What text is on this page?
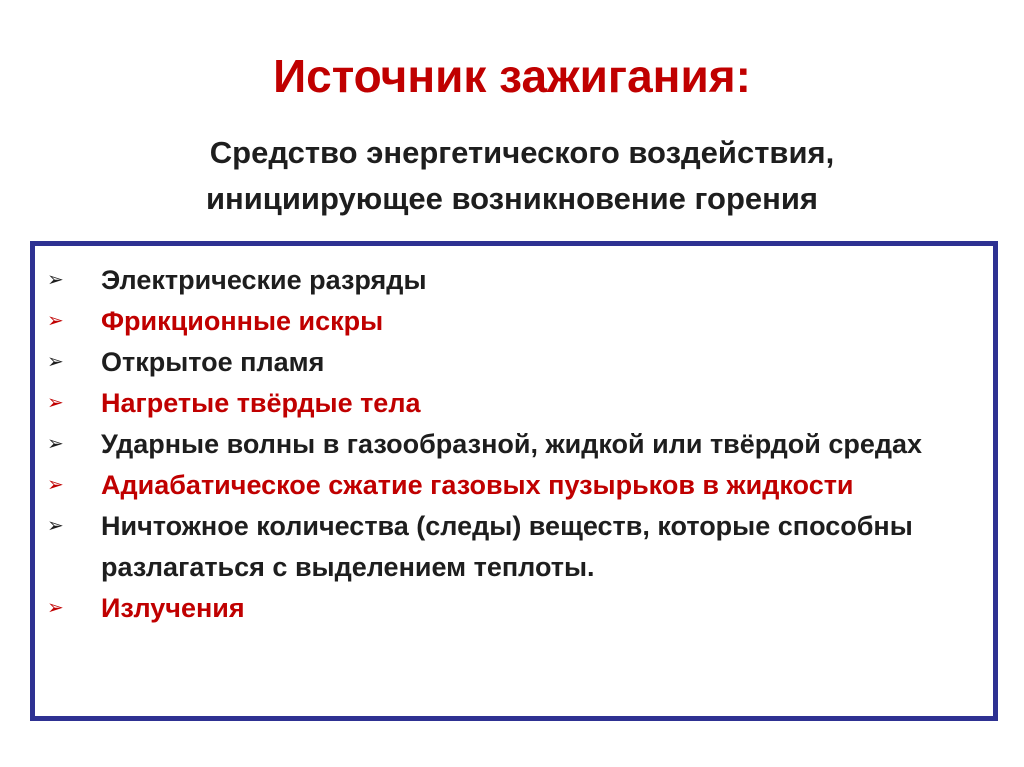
Источник зажигания:

Средство энергетического воздействия,
инициирующее возникновение горения

➢	Электрические разряды
➢	Фрикционные искры
➢	Открытое пламя
➢	Нагретые твёрдые тела
➢	Ударные волны в газообразной, жидкой или твёрдой средах
➢	Адиабатическое сжатие газовых пузырьков в жидкости
➢	Ничтожное количества (следы) веществ, которые способны разлагаться с выделением теплоты.
➢	Излучения
